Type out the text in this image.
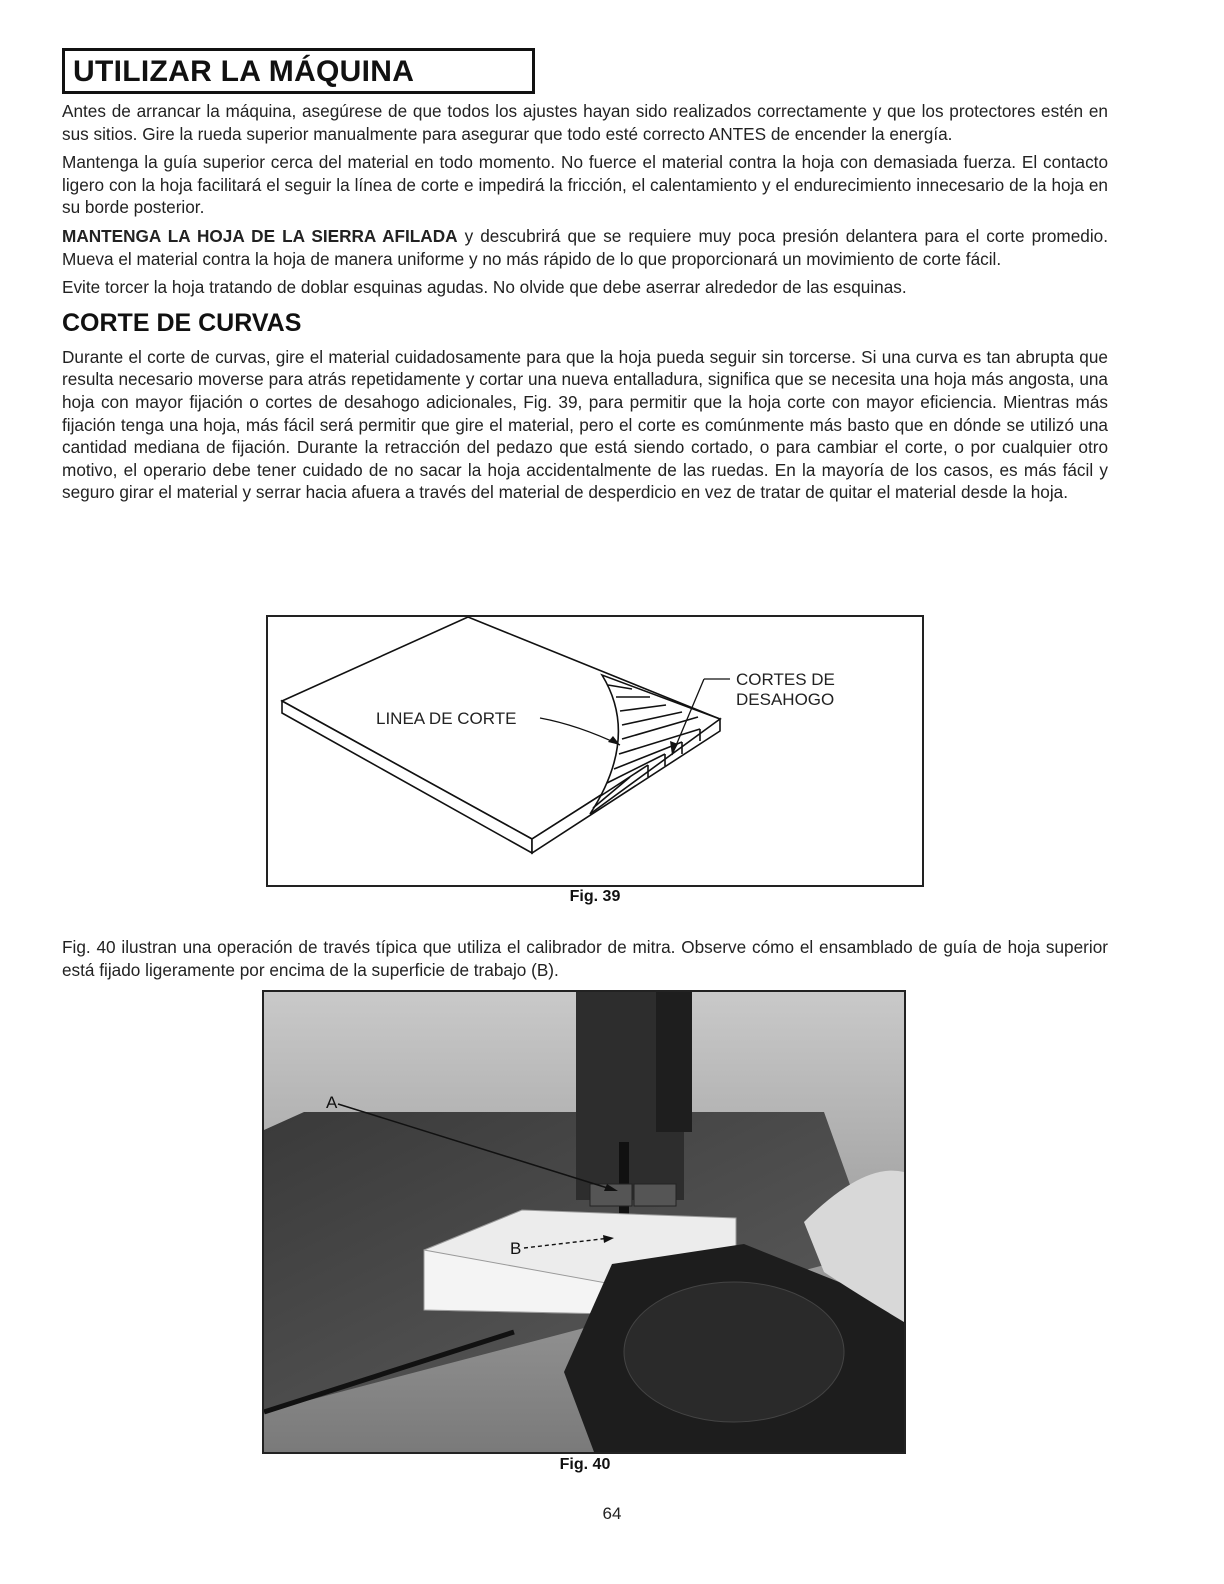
UTILIZAR LA MÁQUINA

Antes de arrancar la máquina, asegúrese de que todos los ajustes hayan sido realizados correctamente y que los protectores estén en sus sitios. Gire la rueda superior manualmente para asegurar que todo esté correcto ANTES de encender la energía.

Mantenga la guía superior cerca del material en todo momento. No fuerce el material contra la hoja con demasiada fuerza. El contacto ligero con la hoja facilitará el seguir la línea de corte e impedirá la fricción, el calentamiento y el endurecimiento innecesario de la hoja en su borde posterior.

MANTENGA LA HOJA DE LA SIERRA AFILADA y descubrirá que se requiere muy poca presión delantera para el corte promedio. Mueva el material contra la hoja de manera uniforme y no más rápido de lo que proporcionará un movimiento de corte fácil.

Evite torcer la hoja tratando de doblar esquinas agudas. No olvide que debe aserrar alrededor de las esquinas.

CORTE DE CURVAS

Durante el corte de curvas, gire el material cuidadosamente para que la hoja pueda seguir sin torcerse. Si una curva es tan abrupta que resulta necesario moverse para atrás repetidamente y cortar una nueva entalladura, significa que se necesita una hoja más angosta, una hoja con mayor fijación o cortes de desahogo adicionales, Fig. 39, para permitir que la hoja corte con mayor eficiencia. Mientras más fijación tenga una hoja, más fácil será permitir que gire el material, pero el corte es comúnmente más basto que en dónde se utilizó una cantidad mediana de fijación. Durante la retracción del pedazo que está siendo cortado, o para cambiar el corte, o por cualquier otro motivo, el operario debe tener cuidado de no sacar la hoja accidentalmente de las ruedas. En la mayoría de los casos, es más fácil y seguro girar el material y serrar hacia afuera a través del material de desperdicio en vez de tratar de quitar el material desde la hoja.

LINEA DE CORTE
CORTES DE
DESAHOGO
Fig. 39

Fig. 40 ilustran una operación de través típica que utiliza el calibrador de mitra. Observe cómo el ensamblado de guía de hoja superior está fijado ligeramente por encima de la superficie de trabajo (B).

A
B
Fig. 40
64
